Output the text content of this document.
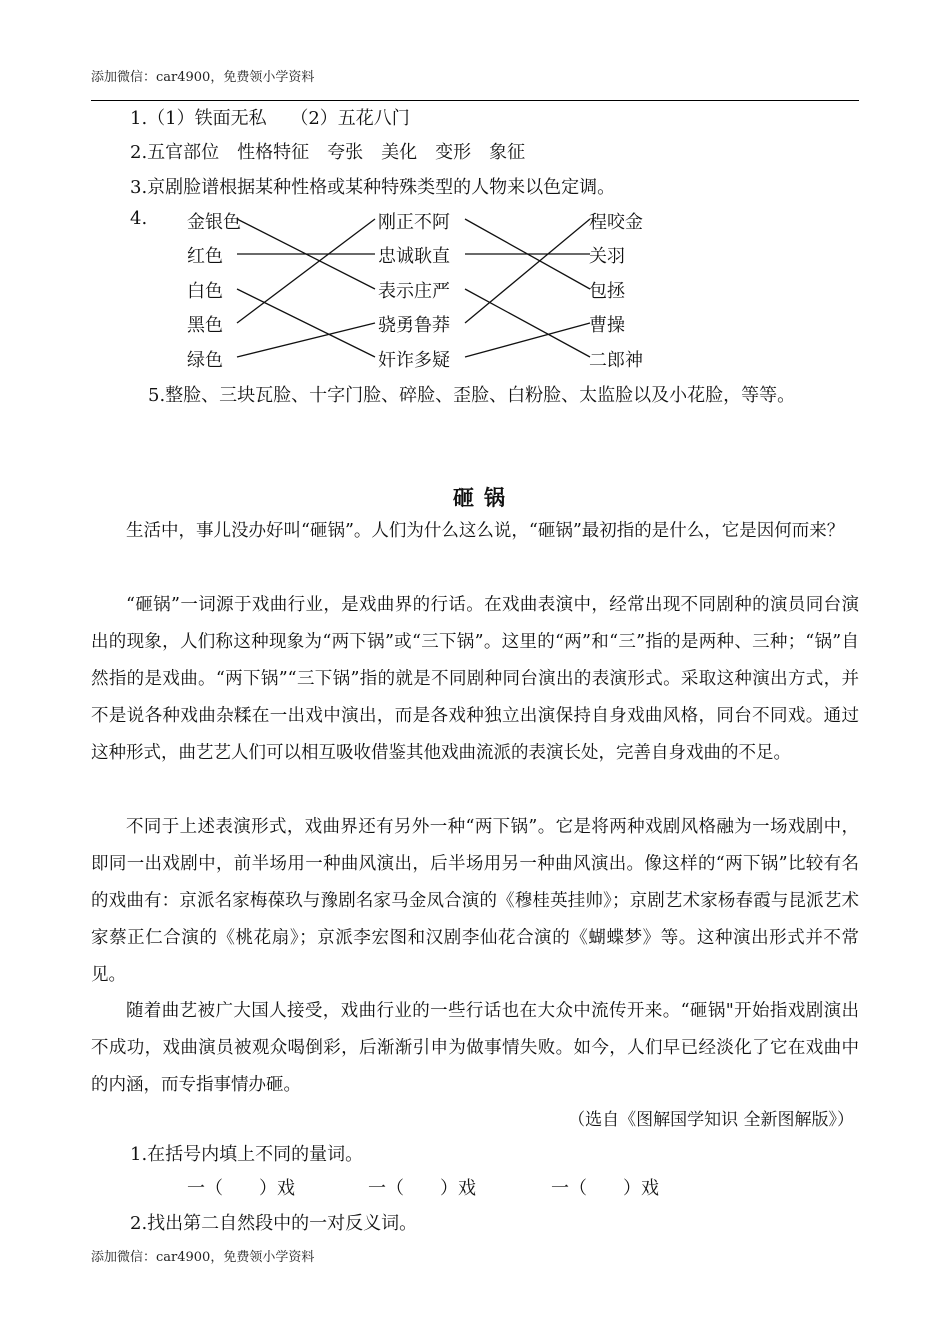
添加微信：car4900，免费领小学资料
1.（1）铁面无私　 （2）五花八门
2.五官部位　性格特征　夸张　美化　变形　象征
3.京剧脸谱根据某种性格或某种特殊类型的人物来以色定调。
4. 金银色
红色
白色
黑色
绿色
刚正不阿
忠诚耿直
表示庄严
骁勇鲁莽
奸诈多疑
程咬金
关羽
包拯
曹操
二郎神
5.整脸、三块瓦脸、十字门脸、碎脸、歪脸、白粉脸、太监脸以及小花脸，等等。
砸锅
生活中，事儿没办好叫“砸锅”。人们为什么这么说，“砸锅”最初指的是什么，它是因何而来？
“砸锅”一词源于戏曲行业，是戏曲界的行话。在戏曲表演中，经常出现不同剧种的演员同台演出的现象，人们称这种现象为“两下锅”或“三下锅”。这里的“两”和“三”指的是两种、三种；“锅”自然指的是戏曲。“两下锅”“三下锅”指的就是不同剧种同台演出的表演形式。采取这种演出方式，并不是说各种戏曲杂糅在一出戏中演出，而是各戏种独立出演保持自身戏曲风格，同台不同戏。通过这种形式，曲艺艺人们可以相互吸收借鉴其他戏曲流派的表演长处，完善自身戏曲的不足。
不同于上述表演形式，戏曲界还有另外一种“两下锅”。它是将两种戏剧风格融为一场戏剧中，即同一出戏剧中，前半场用一种曲风演出，后半场用另一种曲风演出。像这样的“两下锅”比较有名的戏曲有：京派名家梅葆玖与豫剧名家马金凤合演的《穆桂英挂帅》；京剧艺术家杨春霞与昆派艺术家蔡正仁合演的《桃花扇》；京派李宏图和汉剧李仙花合演的《蝴蝶梦》等。这种演出形式并不常见。
随着曲艺被广大国人接受，戏曲行业的一些行话也在大众中流传开来。“砸锅"开始指戏剧演出不成功，戏曲演员被观众喝倒彩，后渐渐引申为做事情失败。如今，人们早已经淡化了它在戏曲中的内涵，而专指事情办砸。
（选自《图解国学知识 全新图解版》）
1.在括号内填上不同的量词。
一（　　）戏	一（　　）戏	一（　　）戏
2.找出第二自然段中的一对反义词。
添加微信：car4900，免费领小学资料
